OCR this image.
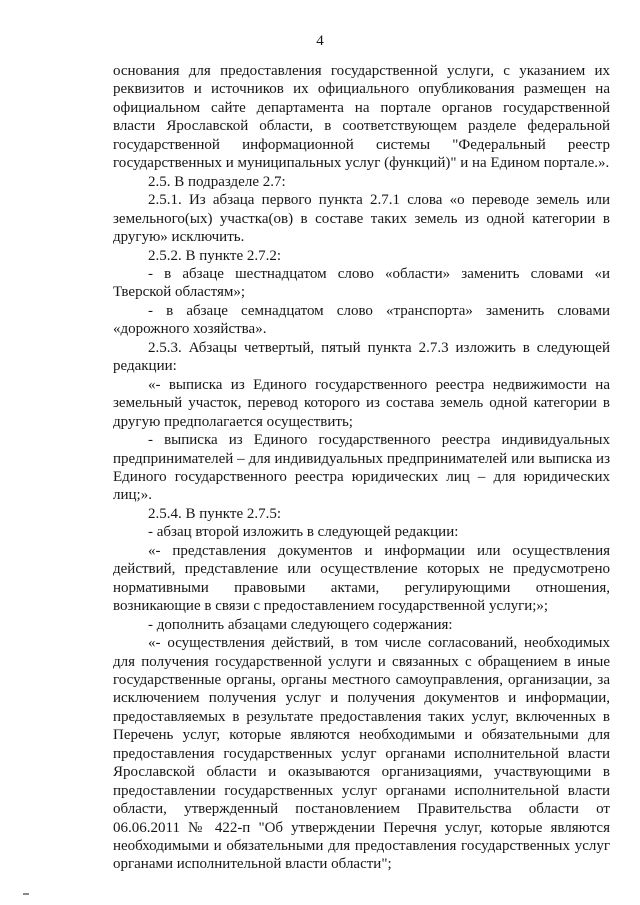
4

основания для предоставления государственной услуги, с указанием их реквизитов и источников их официального опубликования размещен на официальном сайте департамента на портале органов государственной власти Ярославской области, в соответствующем разделе федеральной государственной информационной системы "Федеральный реестр государственных и муниципальных услуг (функций)" и на Едином портале.».

2.5. В подразделе 2.7:

2.5.1. Из абзаца первого пункта 2.7.1 слова «о переводе земель или земельного(ых) участка(ов) в составе таких земель из одной категории в другую» исключить.

2.5.2. В пункте 2.7.2:

- в абзаце шестнадцатом слово «области» заменить словами «и Тверской областям»;

- в абзаце семнадцатом слово «транспорта» заменить словами «дорожного хозяйства».

2.5.3. Абзацы четвертый, пятый пункта 2.7.3 изложить в следующей редакции:

«- выписка из Единого государственного реестра недвижимости на земельный участок, перевод которого из состава земель одной категории в другую предполагается осуществить;

- выписка из Единого государственного реестра индивидуальных предпринимателей – для индивидуальных предпринимателей или выписка из Единого государственного реестра юридических лиц – для юридических лиц;».

2.5.4. В пункте 2.7.5:

- абзац второй изложить в следующей редакции:

«- представления документов и информации или осуществления действий, представление или осуществление которых не предусмотрено нормативными правовыми актами, регулирующими отношения, возникающие в связи с предоставлением государственной услуги;»;

- дополнить абзацами следующего содержания:

«- осуществления действий, в том числе согласований, необходимых для получения государственной услуги и связанных с обращением в иные государственные органы, органы местного самоуправления, организации, за исключением получения услуг и получения документов и информации, предоставляемых в результате предоставления таких услуг, включенных в Перечень услуг, которые являются необходимыми и обязательными для предоставления государственных услуг органами исполнительной власти Ярославской области и оказываются организациями, участвующими в предоставлении государственных услуг органами исполнительной власти области, утвержденный постановлением Правительства области от 06.06.2011 № 422-п "Об утверждении Перечня услуг, которые являются необходимыми и обязательными для предоставления государственных услуг органами исполнительной власти области";
